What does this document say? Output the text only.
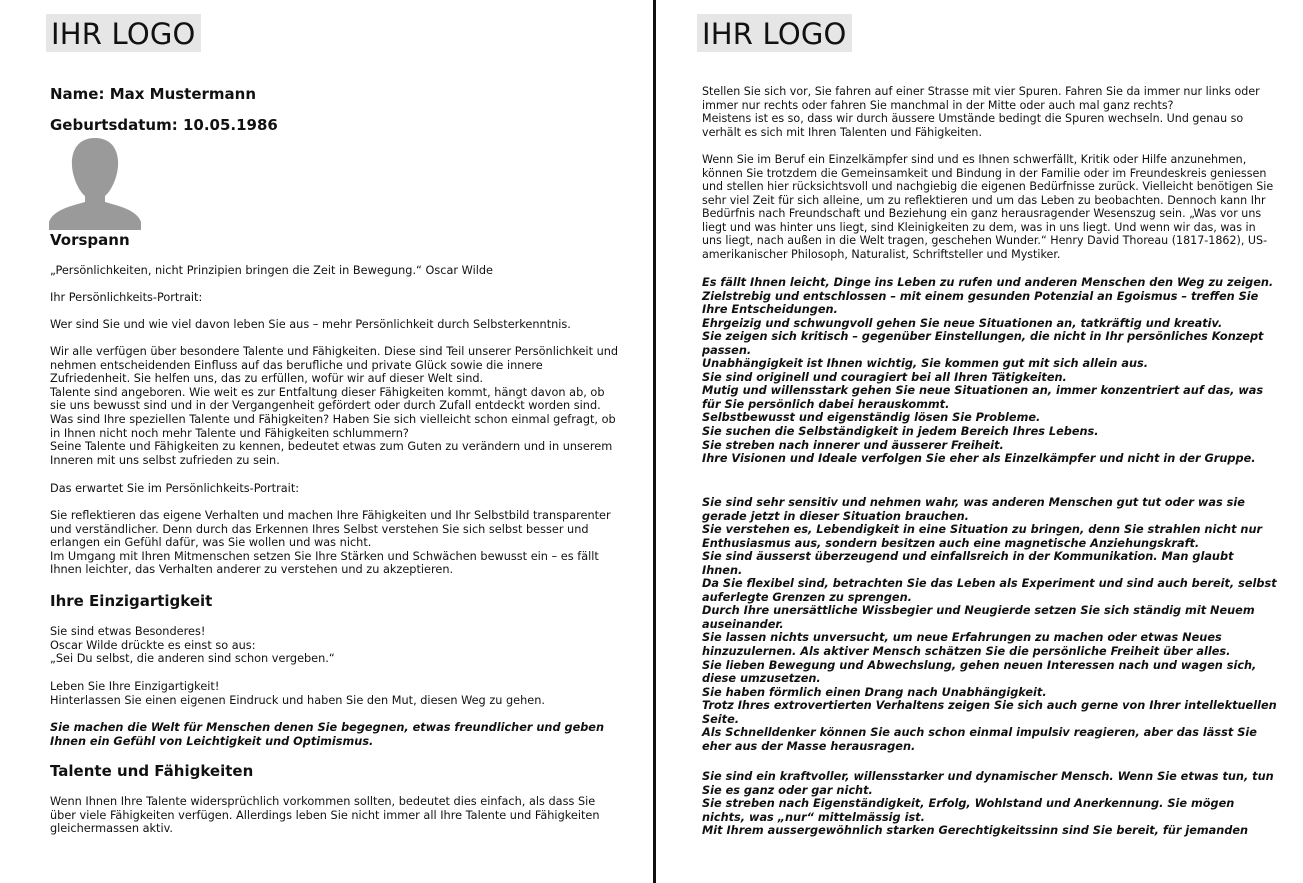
IHR LOGO
Name: Max Mustermann
Geburtsdatum: 10.05.1986
Vorspann
„Persönlichkeiten, nicht Prinzipien bringen die Zeit in Bewegung.“ Oscar Wilde
Ihr Persönlichkeits-Portrait:
Wer sind Sie und wie viel davon leben Sie aus – mehr Persönlichkeit durch Selbsterkenntnis.

Wir alle verfügen über besondere Talente und Fähigkeiten. Diese sind Teil unserer Persönlichkeit und nehmen entscheidenden Einfluss auf das berufliche und private Glück sowie die innere Zufriedenheit. Sie helfen uns, das zu erfüllen, wofür wir auf dieser Welt sind.

Talente sind angeboren. Wie weit es zur Entfaltung dieser Fähigkeiten kommt, hängt davon ab, ob sie uns bewusst sind und in der Vergangenheit gefördert oder durch Zufall entdeckt worden sind. Was sind Ihre speziellen Talente und Fähigkeiten? Haben Sie sich vielleicht schon einmal gefragt, ob in Ihnen nicht noch mehr Talente und Fähigkeiten schlummern?

Seine Talente und Fähigkeiten zu kennen, bedeutet etwas zum Guten zu verändern und in unserem Inneren mit uns selbst zufrieden zu sein.

Das erwartet Sie im Persönlichkeits-Portrait:

Sie reflektieren das eigene Verhalten und machen Ihre Fähigkeiten und Ihr Selbstbild transparenter und verständlicher. Denn durch das Erkennen Ihres Selbst verstehen Sie sich selbst besser und erlangen ein Gefühl dafür, was Sie wollen und was nicht.

Im Umgang mit Ihren Mitmenschen setzen Sie Ihre Stärken und Schwächen bewusst ein – es fällt Ihnen leichter, das Verhalten anderer zu verstehen und zu akzeptieren.

Ihre Einzigartigkeit

Sie sind etwas Besonderes!

Oscar Wilde drückte es einst so aus:

„Sei Du selbst, die anderen sind schon vergeben.“

Leben Sie Ihre Einzigartigkeit!

Hinterlassen Sie einen eigenen Eindruck und haben Sie den Mut, diesen Weg zu gehen.

Sie machen die Welt für Menschen denen Sie begegnen, etwas freundlicher und geben Ihnen ein Gefühl von Leichtigkeit und Optimismus.
Talente und Fähigkeiten
Wenn Ihnen Ihre Talente widersprüchlich vorkommen sollten, bedeutet dies einfach, als dass Sie über viele Fähigkeiten verfügen. Allerdings leben Sie nicht immer all Ihre Talente und Fähigkeiten gleichermassen aktiv.
IHR LOGO

Stellen Sie sich vor, Sie fahren auf einer Strasse mit vier Spuren. Fahren Sie da immer nur links oder immer nur rechts oder fahren Sie manchmal in der Mitte oder auch mal ganz rechts?

Meistens ist es so, dass wir durch äussere Umstände bedingt die Spuren wechseln. Und genau so verhält es sich mit Ihren Talenten und Fähigkeiten.

Wenn Sie im Beruf ein Einzelkämpfer sind und es Ihnen schwerfällt, Kritik oder Hilfe anzunehmen, können Sie trotzdem die Gemeinsamkeit und Bindung in der Familie oder im Freundeskreis geniessen und stellen hier rücksichtsvoll und nachgiebig die eigenen Bedürfnisse zurück. Vielleicht benötigen Sie sehr viel Zeit für sich alleine, um zu reflektieren und um das Leben zu beobachten. Dennoch kann Ihr Bedürfnis nach Freundschaft und Beziehung ein ganz herausragender Wesenszug sein. „Was vor uns liegt und was hinter uns liegt, sind Kleinigkeiten zu dem, was in uns liegt. Und wenn wir das, was in uns liegt, nach außen in die Welt tragen, geschehen Wunder.“ Henry David Thoreau (1817-1862), US-amerikanischer Philosoph, Naturalist, Schriftsteller und Mystiker.

Es fällt Ihnen leicht, Dinge ins Leben zu rufen und anderen Menschen den Weg zu zeigen.

Zielstrebig und entschlossen – mit einem gesunden Potenzial an Egoismus – treffen Sie Ihre Entscheidungen.

Ehrgeizig und schwungvoll gehen Sie neue Situationen an, tatkräftig und kreativ.

Sie zeigen sich kritisch – gegenüber Einstellungen, die nicht in Ihr persönliches Konzept passen.

Unabhängigkeit ist Ihnen wichtig, Sie kommen gut mit sich allein aus.

Sie sind originell und couragiert bei all Ihren Tätigkeiten.

Mutig und willensstark gehen Sie neue Situationen an, immer konzentriert auf das, was für Sie persönlich dabei herauskommt.

Selbstbewusst und eigenständig lösen Sie Probleme.

Sie suchen die Selbständigkeit in jedem Bereich Ihres Lebens.

Sie streben nach innerer und äusserer Freiheit.

Ihre Visionen und Ideale verfolgen Sie eher als Einzelkämpfer und nicht in der Gruppe.

Sie sind sehr sensitiv und nehmen wahr, was anderen Menschen gut tut oder was sie gerade jetzt in dieser Situation brauchen.

Sie verstehen es, Lebendigkeit in eine Situation zu bringen, denn Sie strahlen nicht nur Enthusiasmus aus, sondern besitzen auch eine magnetische Anziehungskraft.

Sie sind äusserst überzeugend und einfallsreich in der Kommunikation. Man glaubt Ihnen.

Da Sie flexibel sind, betrachten Sie das Leben als Experiment und sind auch bereit, selbst auferlegte Grenzen zu sprengen.

Durch Ihre unersättliche Wissbegier und Neugierde setzen Sie sich ständig mit Neuem auseinander.

Sie lassen nichts unversucht, um neue Erfahrungen zu machen oder etwas Neues hinzuzulernen. Als aktiver Mensch schätzen Sie die persönliche Freiheit über alles.

Sie lieben Bewegung und Abwechslung, gehen neuen Interessen nach und wagen sich, diese umzusetzen.

Sie haben förmlich einen Drang nach Unabhängigkeit.

Trotz Ihres extrovertierten Verhaltens zeigen Sie sich auch gerne von Ihrer intellektuellen Seite.

Als Schnelldenker können Sie auch schon einmal impulsiv reagieren, aber das lässt Sie eher aus der Masse herausragen.

Sie sind ein kraftvoller, willensstarker und dynamischer Mensch. Wenn Sie etwas tun, tun Sie es ganz oder gar nicht.

Sie streben nach Eigenständigkeit, Erfolg, Wohlstand und Anerkennung. Sie mögen nichts, was „nur“ mittelmässig ist.

Mit Ihrem aussergewöhnlich starken Gerechtigkeitssinn sind Sie bereit, für jemanden
